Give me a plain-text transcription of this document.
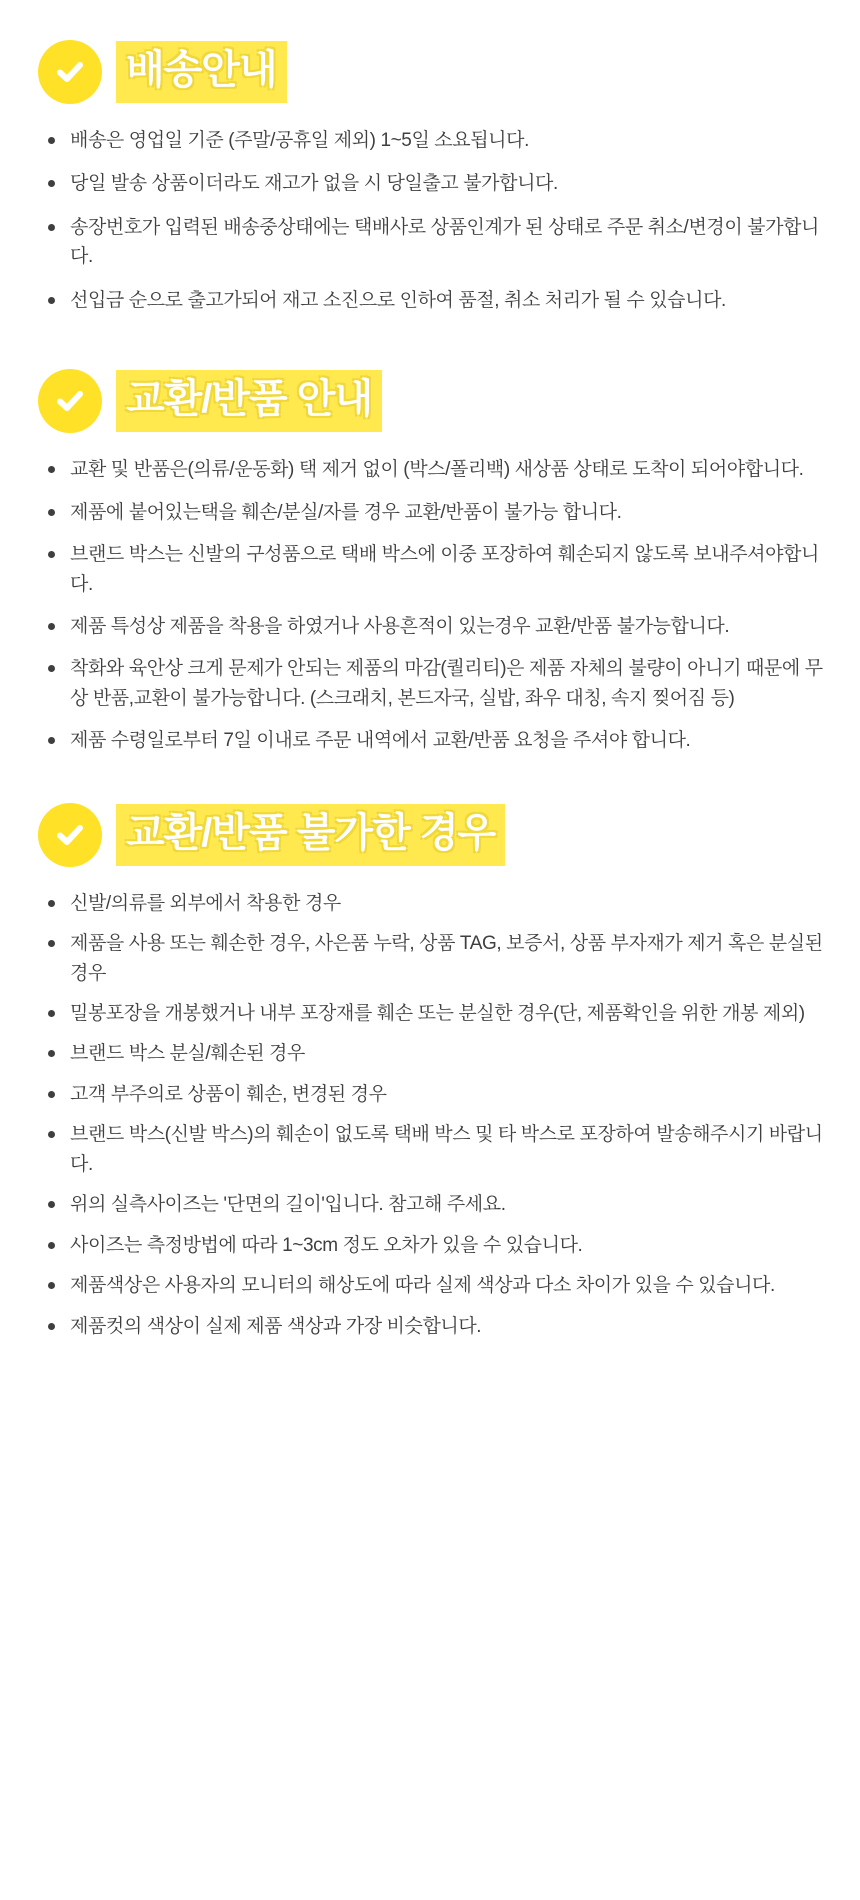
배송안내
배송은 영업일 기준 (주말/공휴일 제외) 1~5일 소요됩니다.
당일 발송 상품이더라도 재고가 없을 시 당일출고 불가합니다.
송장번호가 입력된 배송중상태에는 택배사로 상품인계가 된 상태로 주문 취소/변경이 불가합니다.
선입금 순으로 출고가되어 재고 소진으로 인하여 품절, 취소 처리가 될 수 있습니다.
교환/반품 안내
교환 및 반품은(의류/운동화) 택 제거 없이 (박스/폴리백) 새상품 상태로 도착이 되어야합니다.
제품에 붙어있는택을 훼손/분실/자를 경우 교환/반품이 불가능 합니다.
브랜드 박스는 신발의 구성품으로 택배 박스에 이중 포장하여 훼손되지 않도록 보내주셔야합니다.
제품 특성상 제품을 착용을 하였거나 사용흔적이 있는경우 교환/반품 불가능합니다.
착화와 육안상 크게 문제가 안되는 제품의 마감(퀄리티)은 제품 자체의 불량이 아니기 때문에 무상 반품,교환이 불가능합니다. (스크래치, 본드자국, 실밥, 좌우 대칭, 속지 찢어짐 등)
제품 수령일로부터 7일 이내로 주문 내역에서 교환/반품 요청을 주셔야 합니다.
교환/반품 불가한 경우
신발/의류를 외부에서 착용한 경우
제품을 사용 또는 훼손한 경우, 사은품 누락, 상품 TAG, 보증서, 상품 부자재가 제거 혹은 분실된 경우
밀봉포장을 개봉했거나 내부 포장재를 훼손 또는 분실한 경우(단, 제품확인을 위한 개봉 제외)
브랜드 박스 분실/훼손된 경우
고객 부주의로 상품이 훼손, 변경된 경우
브랜드 박스(신발 박스)의 훼손이 없도록 택배 박스 및 타 박스로 포장하여 발송해주시기 바랍니다.
위의 실측사이즈는 '단면의 길이'입니다. 참고해 주세요.
사이즈는 측정방법에 따라 1~3cm 정도 오차가 있을 수 있습니다.
제품색상은 사용자의 모니터의 해상도에 따라 실제 색상과 다소 차이가 있을 수 있습니다.
제품컷의 색상이 실제 제품 색상과 가장 비슷합니다.
